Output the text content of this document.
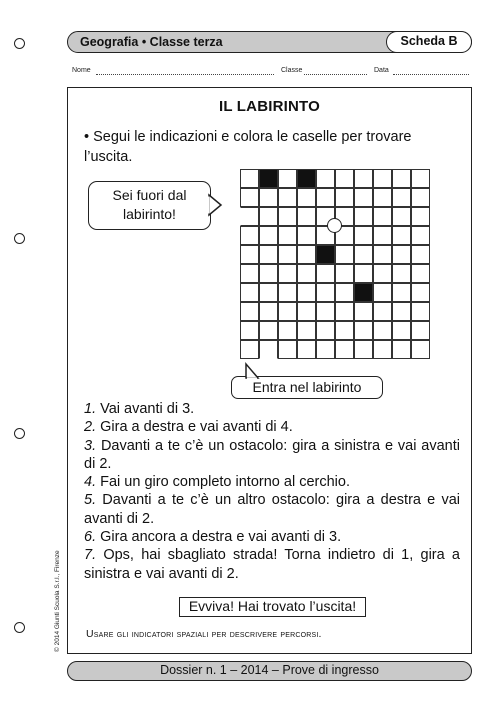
Geografia • Classe terza	Scheda B
Nome	Classe	Data
IL LABIRINTO
• Segui le indicazioni e colora le caselle per trovare l’uscita.
Sei fuori dal labirinto!
Entra nel labirinto

1. Vai avanti di 3.

2. Gira a destra e vai avanti di 4.

3. Davanti a te c’è un ostacolo: gira a sinistra e vai avanti di 2.

4. Fai un giro completo intorno al cerchio.

5. Davanti a te c’è un altro ostacolo: gira a destra e vai avanti di 2.

6. Gira ancora a destra e vai avanti di 3.

7. Ops, hai sbagliato strada! Torna indietro di 1, gira a sinistra e vai avanti di 2.

Evviva! Hai trovato l’uscita!
Usare gli indicatori spaziali per descrivere percorsi.
Dossier n. 1 – 2014 – Prove di ingresso
© 2014 Giunti Scuola S.r.l., Firenze
